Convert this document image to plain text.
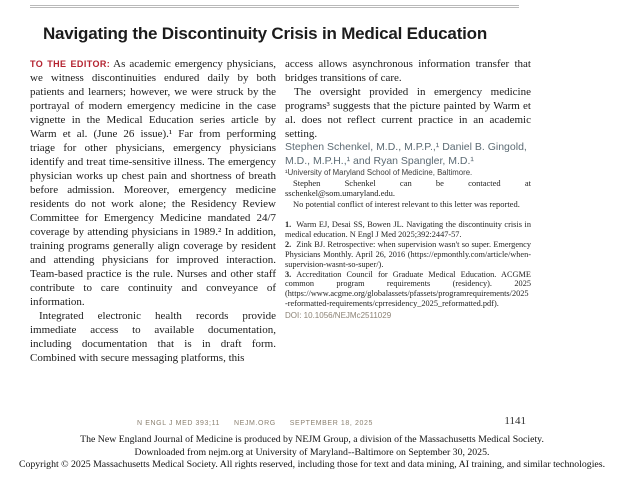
Navigating the Discontinuity Crisis in Medical Education

TO THE EDITOR: As academic emergency physicians, we witness discontinuities endured daily by both patients and learners; however, we were struck by the portrayal of modern emergency medicine in the case vignette in the Medical Education series article by Warm et al. (June 26 issue).¹ Far from performing triage for other physicians, emergency physicians identify and treat time-sensitive illness. The emergency physician works up chest pain and shortness of breath before admission. Moreover, emergency medicine residents do not work alone; the Residency Review Committee for Emergency Medicine mandated 24/7 coverage by attending physicians in 1989.² In addition, training programs generally align coverage by resident and attending physicians for improved interaction. Team-based practice is the rule. Nurses and other staff contribute to care continuity and conveyance of information.

Integrated electronic health records provide immediate access to available documentation, including documentation that is in draft form. Combined with secure messaging platforms, this

access allows asynchronous information transfer that bridges transitions of care.

The oversight provided in emergency medicine programs³ suggests that the picture painted by Warm et al. does not reflect current practice in an academic setting.

Stephen Schenkel, M.D., M.P.P.,¹ Daniel B. Gingold, M.D., M.P.H.,¹ and Ryan Spangler, M.D.¹

¹University of Maryland School of Medicine, Baltimore.

Stephen Schenkel can be contacted at sschenkel@som.umaryland.edu.

No potential conflict of interest relevant to this letter was reported.

1. Warm EJ, Desai SS, Bowen JL. Navigating the discontinuity crisis in medical education. N Engl J Med 2025;392:2447-57.

2. Zink BJ. Retrospective: when supervision wasn't so super. Emergency Physicians Monthly. April 26, 2016 (https://epmonthly.com/article/when-supervision-wasnt-so-super/).

3. Accreditation Council for Graduate Medical Education. ACGME common program requirements (residency). 2025 (https://www.acgme.org/globalassets/pfassets/programrequirements/2025-reformatted-requirements/cprresidency_2025_reformatted.pdf).

DOI: 10.1056/NEJMc2511029

N ENGL J MED 393;11 NEJM.ORG SEPTEMBER 18, 2025	1141
The New England Journal of Medicine is produced by NEJM Group, a division of the Massachusetts Medical Society.
Downloaded from nejm.org at University of Maryland--Baltimore on September 30, 2025.
Copyright © 2025 Massachusetts Medical Society. All rights reserved, including those for text and data mining, AI training, and similar technologies.
